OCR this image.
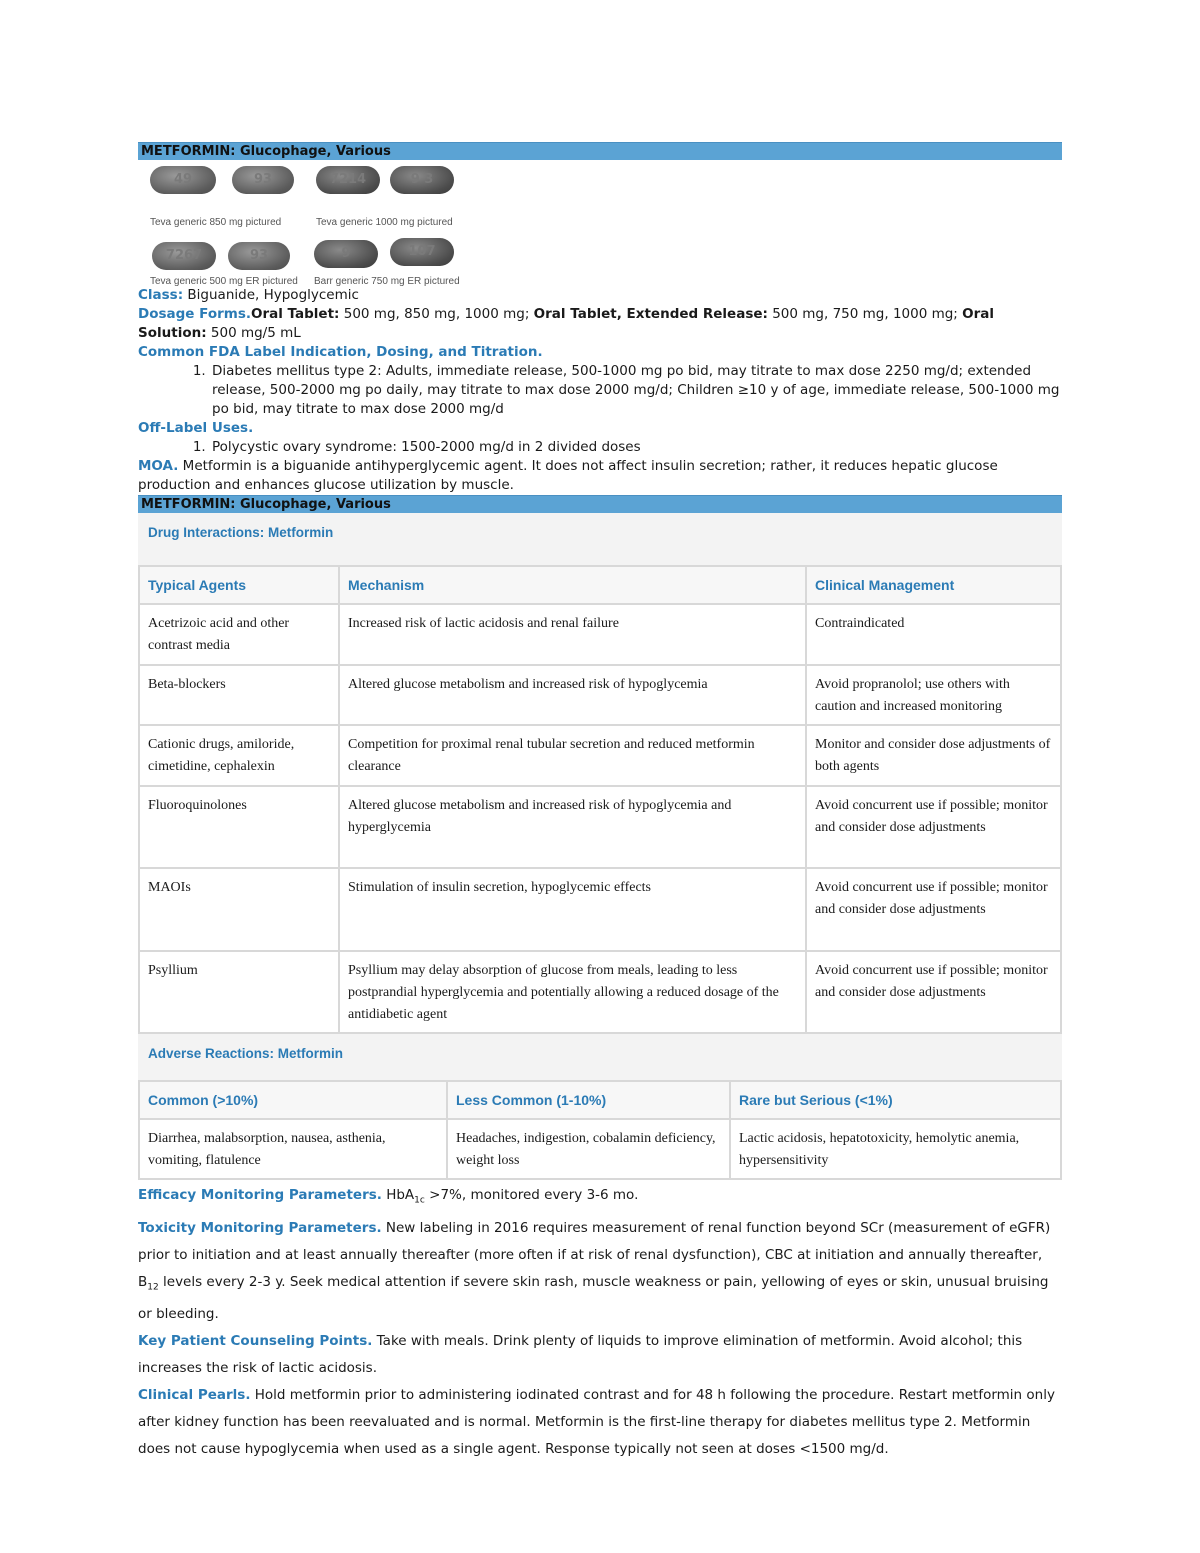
METFORMIN: Glucophage, Various
49	93	7214	9 3
Teva generic 850 mg pictured	Teva generic 1000 mg pictured
7267	93	9	107
Teva generic 500 mg ER pictured Barr generic 750 mg ER pictured
Class: Biguanide, Hypoglycemic
Dosage Forms.Oral Tablet: 500 mg, 850 mg, 1000 mg; Oral Tablet, Extended Release: 500 mg, 750 mg, 1000 mg; Oral Solution: 500 mg/5 mL
Common FDA Label Indication, Dosing, and Titration.
1. Diabetes mellitus type 2: Adults, immediate release, 500-1000 mg po bid, may titrate to max dose 2250 mg/d; extended release, 500-2000 mg po daily, may titrate to max dose 2000 mg/d; Children ≥10 y of age, immediate release, 500-1000 mg po bid, may titrate to max dose 2000 mg/d
Off-Label Uses.
1. Polycystic ovary syndrome: 1500-2000 mg/d in 2 divided doses
MOA. Metformin is a biguanide antihyperglycemic agent. It does not affect insulin secretion; rather, it reduces hepatic glucose production and enhances glucose utilization by muscle.
METFORMIN: Glucophage, Various
Drug Interactions: Metformin
Typical Agents	Mechanism	Clinical Management
Acetrizoic acid and other contrast media	Increased risk of lactic acidosis and renal failure	Contraindicated
Beta-blockers	Altered glucose metabolism and increased risk of hypoglycemia	Avoid propranolol; use others with caution and increased monitoring
Cationic drugs, amiloride, cimetidine, cephalexin	Competition for proximal renal tubular secretion and reduced metformin clearance	Monitor and consider dose adjustments of both agents
Fluoroquinolones	Altered glucose metabolism and increased risk of hypoglycemia and hyperglycemia	Avoid concurrent use if possible; monitor and consider dose adjustments
MAOIs	Stimulation of insulin secretion, hypoglycemic effects	Avoid concurrent use if possible; monitor and consider dose adjustments
Psyllium	Psyllium may delay absorption of glucose from meals, leading to less postprandial hyperglycemia and potentially allowing a reduced dosage of the antidiabetic agent	Avoid concurrent use if possible; monitor and consider dose adjustments
Adverse Reactions: Metformin
Common (>10%)	Less Common (1-10%)	Rare but Serious (<1%)
Diarrhea, malabsorption, nausea, asthenia, vomiting, flatulence	Headaches, indigestion, cobalamin deficiency, weight loss	Lactic acidosis, hepatotoxicity, hemolytic anemia, hypersensitivity
Efficacy Monitoring Parameters. HbA$_{1c}$ >7%, monitored every 3-6 mo.
Toxicity Monitoring Parameters. New labeling in 2016 requires measurement of renal function beyond SCr (measurement of eGFR) prior to initiation and at least annually thereafter (more often if at risk of renal dysfunction), CBC at initiation and annually thereafter, $B_{12}$ levels every 2-3 y. Seek medical attention if severe skin rash, muscle weakness or pain, yellowing of eyes or skin, unusual bruising or bleeding.
Key Patient Counseling Points. Take with meals. Drink plenty of liquids to improve elimination of metformin. Avoid alcohol; this increases the risk of lactic acidosis.
Clinical Pearls. Hold metformin prior to administering iodinated contrast and for 48 h following the procedure. Restart metformin only after kidney function has been reevaluated and is normal. Metformin is the first-line therapy for diabetes mellitus type 2. Metformin does not cause hypoglycemia when used as a single agent. Response typically not seen at doses <1500 mg/d.
